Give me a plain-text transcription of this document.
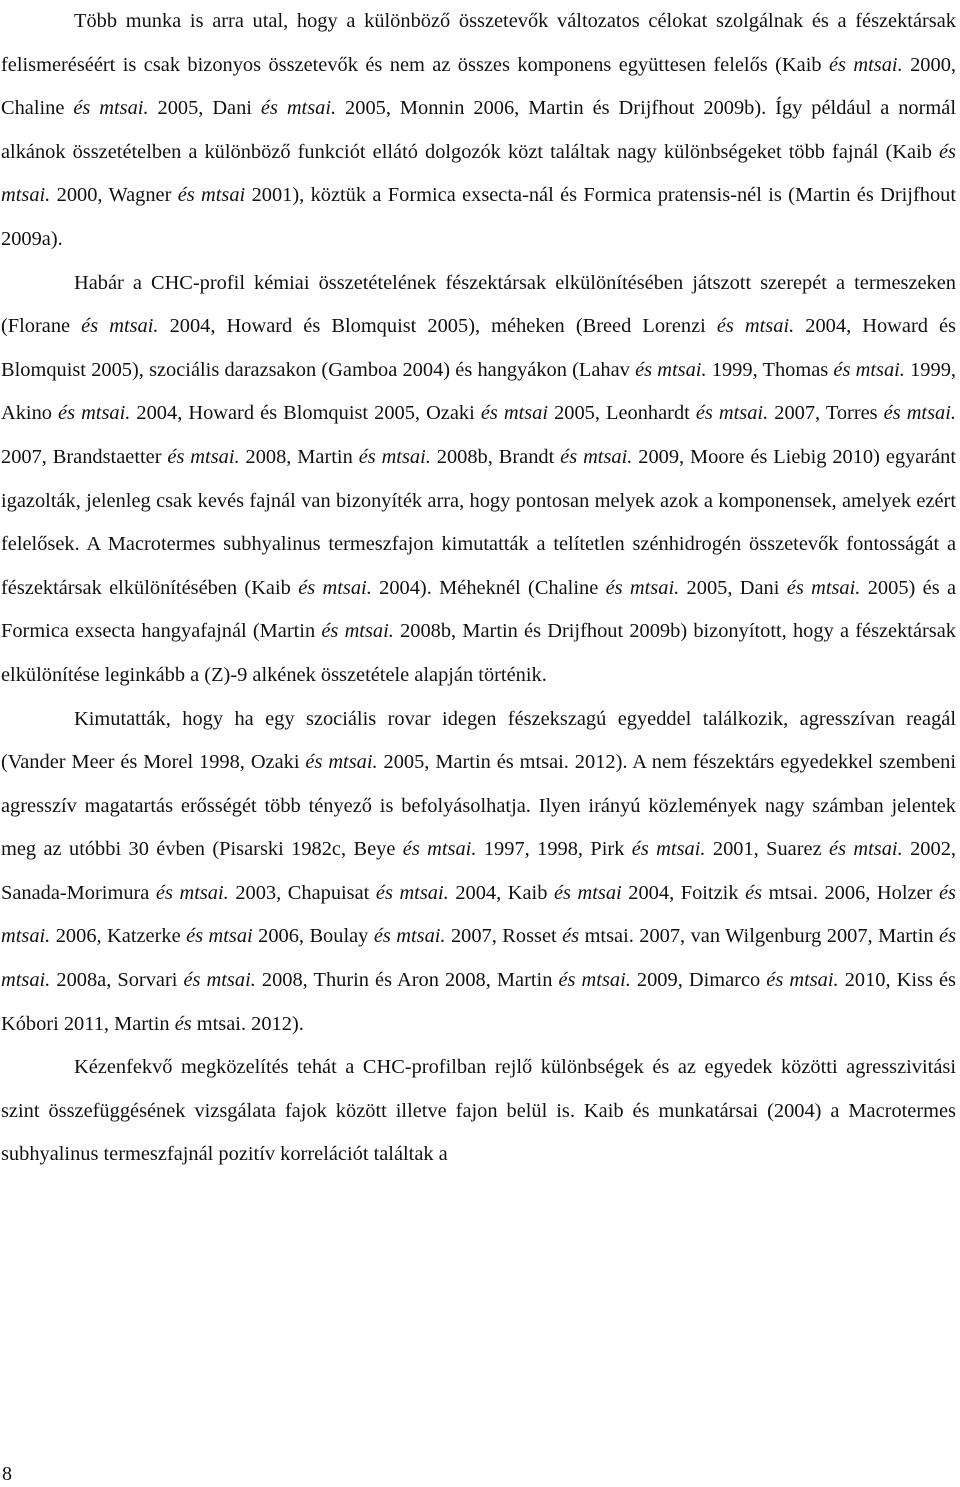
Több munka is arra utal, hogy a különböző összetevők változatos célokat szolgálnak és a fészektársak felismeréséért is csak bizonyos összetevők és nem az összes komponens együttesen felelős (Kaib és mtsai. 2000, Chaline és mtsai. 2005, Dani és mtsai. 2005, Monnin 2006, Martin és Drijfhout 2009b). Így például a normál alkánok összetételben a különböző funkciót ellátó dolgozók közt találtak nagy különbségeket több fajnál (Kaib és mtsai. 2000, Wagner és mtsai 2001), köztük a Formica exsecta-nál és Formica pratensis-nél is (Martin és Drijfhout 2009a).

Habár a CHC-profil kémiai összetételének fészektársak elkülönítésében játszott szerepét a termeszeken (Florane és mtsai. 2004, Howard és Blomquist 2005), méheken (Breed Lorenzi és mtsai. 2004, Howard és Blomquist 2005), szociális darazsakon (Gamboa 2004) és hangyákon (Lahav és mtsai. 1999, Thomas és mtsai. 1999, Akino és mtsai. 2004, Howard és Blomquist 2005, Ozaki és mtsai 2005, Leonhardt és mtsai. 2007, Torres és mtsai. 2007, Brandstaetter és mtsai. 2008, Martin és mtsai. 2008b, Brandt és mtsai. 2009, Moore és Liebig 2010) egyaránt igazolták, jelenleg csak kevés fajnál van bizonyíték arra, hogy pontosan melyek azok a komponensek, amelyek ezért felelősek. A Macrotermes subhyalinus termeszfajon kimutatták a telítetlen szénhidrogén összetevők fontosságát a fészektársak elkülönítésében (Kaib és mtsai. 2004). Méheknél (Chaline és mtsai. 2005, Dani és mtsai. 2005) és a Formica exsecta hangyafajnál (Martin és mtsai. 2008b, Martin és Drijfhout 2009b) bizonyított, hogy a fészektársak elkülönítése leginkább a (Z)-9 alkének összetétele alapján történik.

Kimutatták, hogy ha egy szociális rovar idegen fészekszagú egyeddel találkozik, agresszívan reagál (Vander Meer és Morel 1998, Ozaki és mtsai. 2005, Martin és mtsai. 2012). A nem fészektárs egyedekkel szembeni agresszív magatartás erősségét több tényező is befolyásolhatja. Ilyen irányú közlemények nagy számban jelentek meg az utóbbi 30 évben (Pisarski 1982c, Beye és mtsai. 1997, 1998, Pirk és mtsai. 2001, Suarez és mtsai. 2002, Sanada-Morimura és mtsai. 2003, Chapuisat és mtsai. 2004, Kaib és mtsai 2004, Foitzik és mtsai. 2006, Holzer és mtsai. 2006, Katzerke és mtsai 2006, Boulay és mtsai. 2007, Rosset és mtsai. 2007, van Wilgenburg 2007, Martin és mtsai. 2008a, Sorvari és mtsai. 2008, Thurin és Aron 2008, Martin és mtsai. 2009, Dimarco és mtsai. 2010, Kiss és Kóbori 2011, Martin és mtsai. 2012).

Kézenfekvő megközelítés tehát a CHC-profilban rejlő különbségek és az egyedek közötti agresszivitási szint összefüggésének vizsgálata fajok között illetve fajon belül is. Kaib és munkatársai (2004) a Macrotermes subhyalinus termeszfajnál pozitív korrelációt találtak a

8
